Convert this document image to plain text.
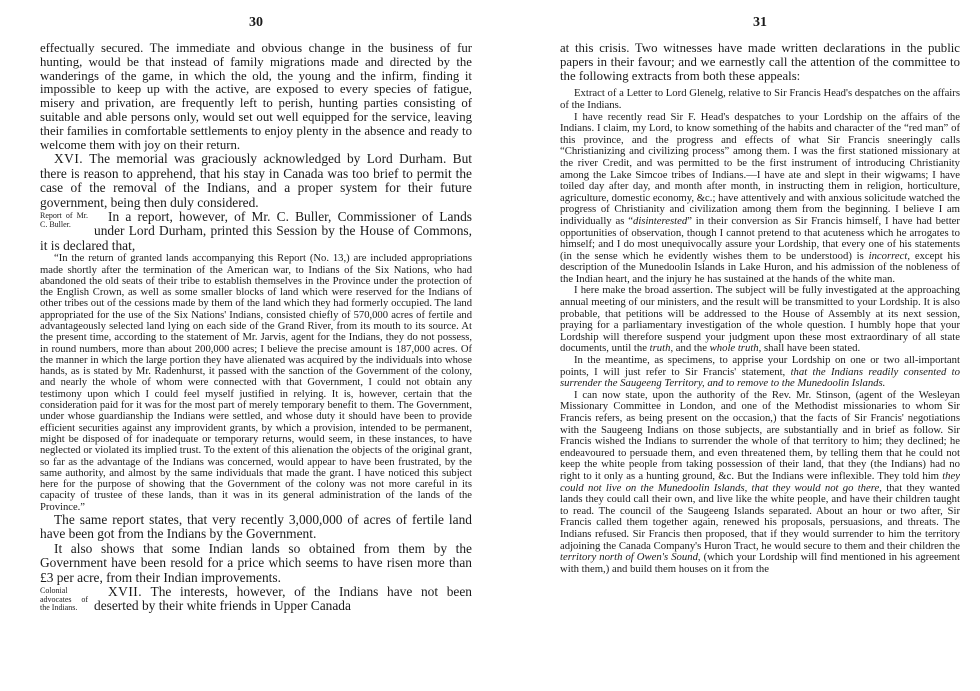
30

effectually secured. The immediate and obvious change in the business of fur hunting, would be that instead of family migrations made and directed by the wanderings of the game, in which the old, the young and the infirm, finding it impossible to keep up with the active, are exposed to every species of fatigue, misery and privation, are frequently left to perish, hunting parties consisting of suitable and able persons only, would set out well equipped for the service, leaving their families in comfortable settlements to enjoy plenty in the absence and ready to welcome them with joy on their return.

XVI. The memorial was graciously acknowledged by Lord Durham. But there is reason to apprehend, that his stay in Canada was too brief to permit the case of the removal of the Indians, and a proper system for their future government, being then duly considered.

Report of Mr. C. Buller.

In a report, however, of Mr. C. Buller, Commissioner of Lands under Lord Durham, printed this Session by the House of Commons, it is declared that,

“In the return of granted lands accompanying this Report (No. 13,) are included appropriations made shortly after the termination of the American war, to Indians of the Six Nations, who had abandoned the old seats of their tribe to establish themselves in the Province under the protection of the English Crown, as well as some smaller blocks of land which were reserved for the Indians of other tribes out of the cessions made by them of the land which they had formerly occupied. The land appropriated for the use of the Six Nations' Indians, consisted chiefly of 570,000 acres of fertile and advantageously selected land lying on each side of the Grand River, from its mouth to its source. At the present time, according to the statement of Mr. Jarvis, agent for the Indians, they do not possess, in round numbers, more than about 200,000 acres; I believe the precise amount is 187,000 acres. Of the manner in which the large portion they have alienated was acquired by the individuals into whose hands, as is stated by Mr. Radenhurst, it passed with the sanction of the Government of the colony, and nearly the whole of whom were connected with that Government, I could not obtain any testimony upon which I could feel myself justified in relying. It is, however, certain that the consideration paid for it was for the most part of merely temporary benefit to them. The Government, under whose guardianship the Indians were settled, and whose duty it should have been to provide efficient securities against any improvident grants, by which a provision, intended to be permanent, might be disposed of for inadequate or temporary returns, would seem, in these instances, to have neglected or violated its implied trust. To the extent of this alienation the objects of the original grant, so far as the advantage of the Indians was concerned, would appear to have been frustrated, by the same authority, and almost by the same individuals that made the grant. I have noticed this subject here for the purpose of showing that the Government of the colony was not more careful in its capacity of trustee of these lands, than it was in its general administration of the lands of the Province.”

The same report states, that very recently 3,000,000 of acres of fertile land have been got from the Indians by the Government.

It also shows that some Indian lands so obtained from them by the Government have been resold for a price which seems to have risen more than £3 per acre, from their Indian improvements.

Colonial advocates of the Indians.

XVII. The interests, however, of the Indians have not been deserted by their white friends in Upper Canada

31

at this crisis. Two witnesses have made written declarations in the public papers in their favour; and we earnestly call the attention of the committee to the following extracts from both these appeals:

Extract of a Letter to Lord Glenelg, relative to Sir Francis Head's despatches on the affairs of the Indians.

I have recently read Sir F. Head's despatches to your Lordship on the affairs of the Indians. I claim, my Lord, to know something of the habits and character of the “red man” of this province, and the progress and effects of what Sir Francis sneeringly calls “Christianizing and civilizing process” among them. I was the first stationed missionary at the river Credit, and was permitted to be the first instrument of introducing Christianity among the Lake Simcoe tribes of Indians.—I have ate and slept in their wigwams; I have toiled day after day, and month after month, in instructing them in religion, horticulture, agriculture, domestic economy, &c.; have attentively and with anxious solicitude watched the progress of Christianity and civilization among them from the beginning. I believe I am individually as “disinterested” in their conversion as Sir Francis himself, I have had better opportunities of observation, though I cannot pretend to that acuteness which he arrogates to himself; and I do most unequivocally assure your Lordship, that every one of his statements (in the sense which he evidently wishes them to be understood) is incorrect, except his description of the Munedoolin Islands in Lake Huron, and his admission of the nobleness of the Indian heart, and the injury he has sustained at the hands of the white man.

I here make the broad assertion. The subject will be fully investigated at the approaching annual meeting of our ministers, and the result will be transmitted to your Lordship. It is also probable, that petitions will be addressed to the House of Assembly at its next session, praying for a parliamentary investigation of the whole question. I humbly hope that your Lordship will therefore suspend your judgment upon these most extraordinary of all state documents, until the truth, and the whole truth, shall have been stated.

In the meantime, as specimens, to apprise your Lordship on one or two all-important points, I will just refer to Sir Francis' statement, that the Indians readily consented to surrender the Saugeeng Territory, and to remove to the Munedoolin Islands.

I can now state, upon the authority of the Rev. Mr. Stinson, (agent of the Wesleyan Missionary Committee in London, and one of the Methodist missionaries to whom Sir Francis refers, as being present on the occasion,) that the facts of Sir Francis' negotiations with the Saugeeng Indians on those subjects, are substantially and in brief as follow. Sir Francis wished the Indians to surrender the whole of that territory to him; they declined; he endeavoured to persuade them, and even threatened them, by telling them that he could not keep the white people from taking possession of their land, that they (the Indians) had no right to it only as a hunting ground, &c. But the Indians were inflexible. They told him they could not live on the Munedoolin Islands, that they would not go there, that they wanted lands they could call their own, and live like the white people, and have their children taught to read. The council of the Saugeeng Islands separated. About an hour or two after, Sir Francis called them together again, renewed his proposals, persuasions, and threats. The Indians refused. Sir Francis then proposed, that if they would surrender to him the territory adjoining the Canada Company's Huron Tract, he would secure to them and their children the territory north of Owen's Sound, (which your Lordship will find mentioned in his agreement with them,) and build them houses on it from the
